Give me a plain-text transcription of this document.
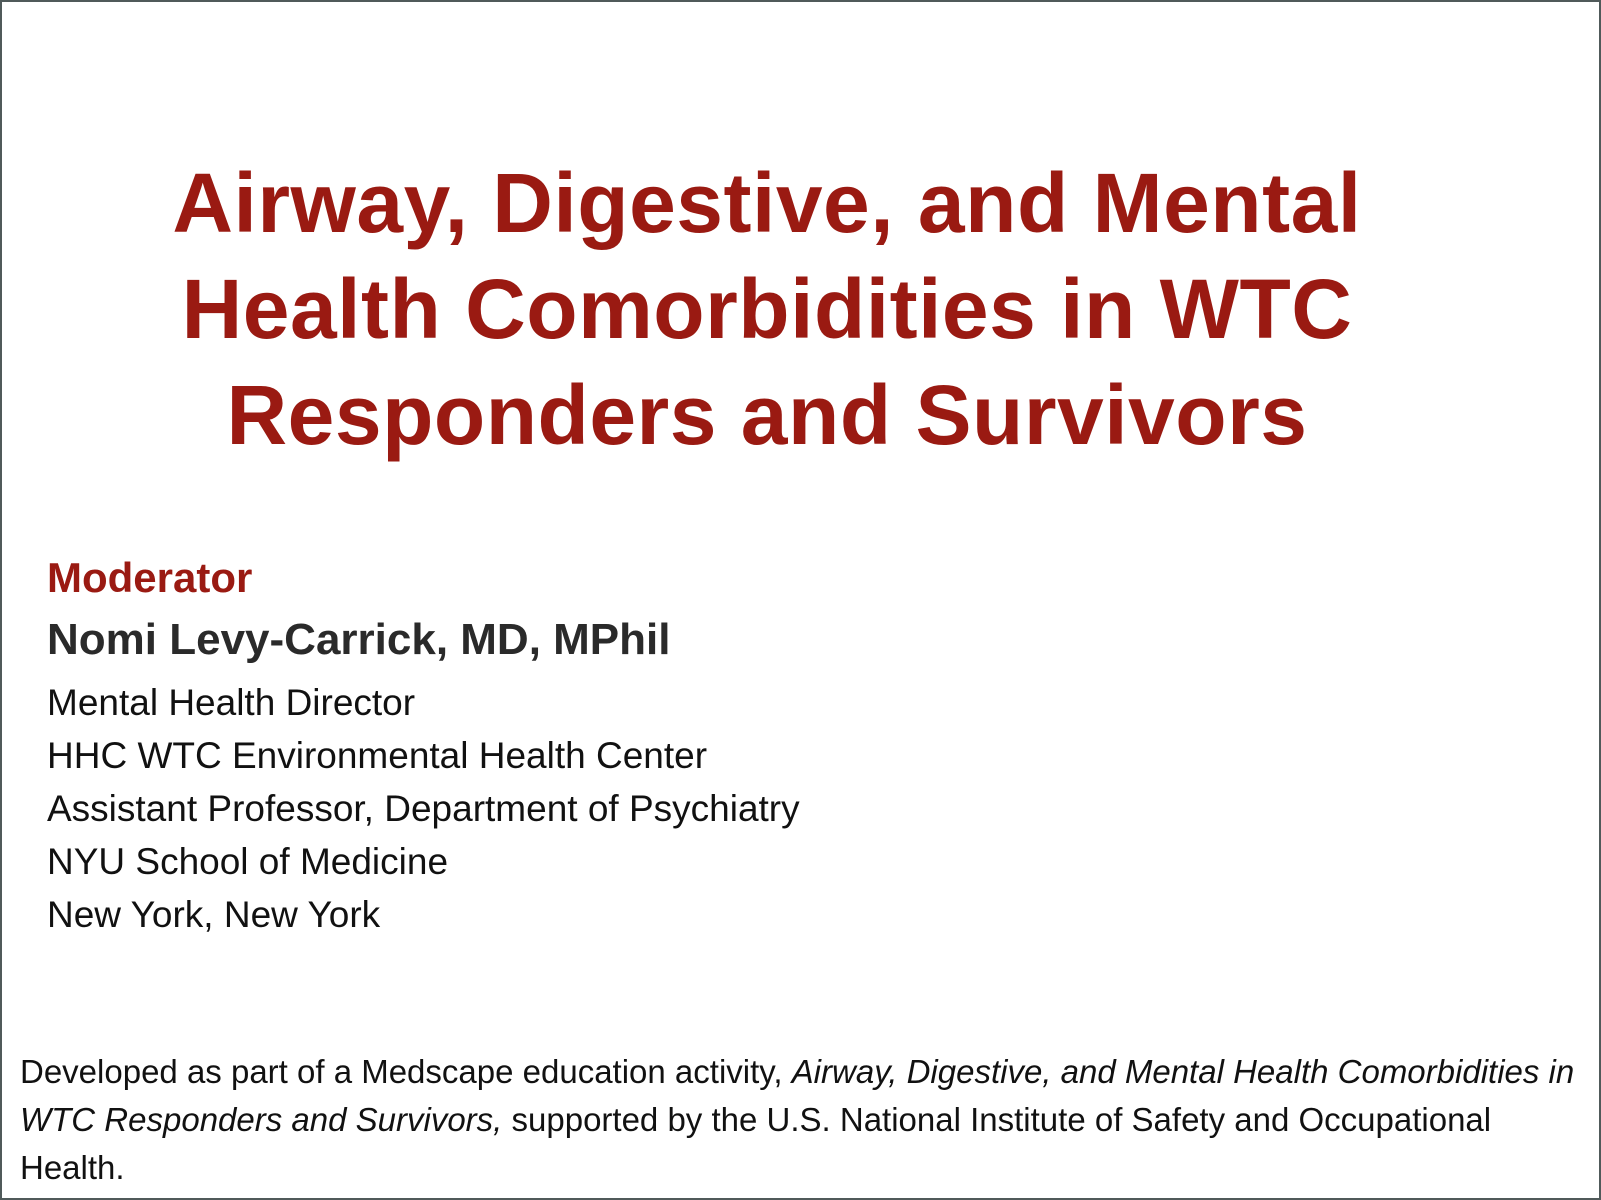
Airway, Digestive, and Mental
Health Comorbidities in WTC
Responders and Survivors

Moderator

Nomi Levy-Carrick, MD, MPhil

Mental Health Director

HHC WTC Environmental Health Center

Assistant Professor, Department of Psychiatry

NYU School of Medicine

New York, New York

Developed as part of a Medscape education activity, Airway, Digestive, and Mental Health Comorbidities in WTC Responders and Survivors, supported by the U.S. National Institute of Safety and Occupational Health.
